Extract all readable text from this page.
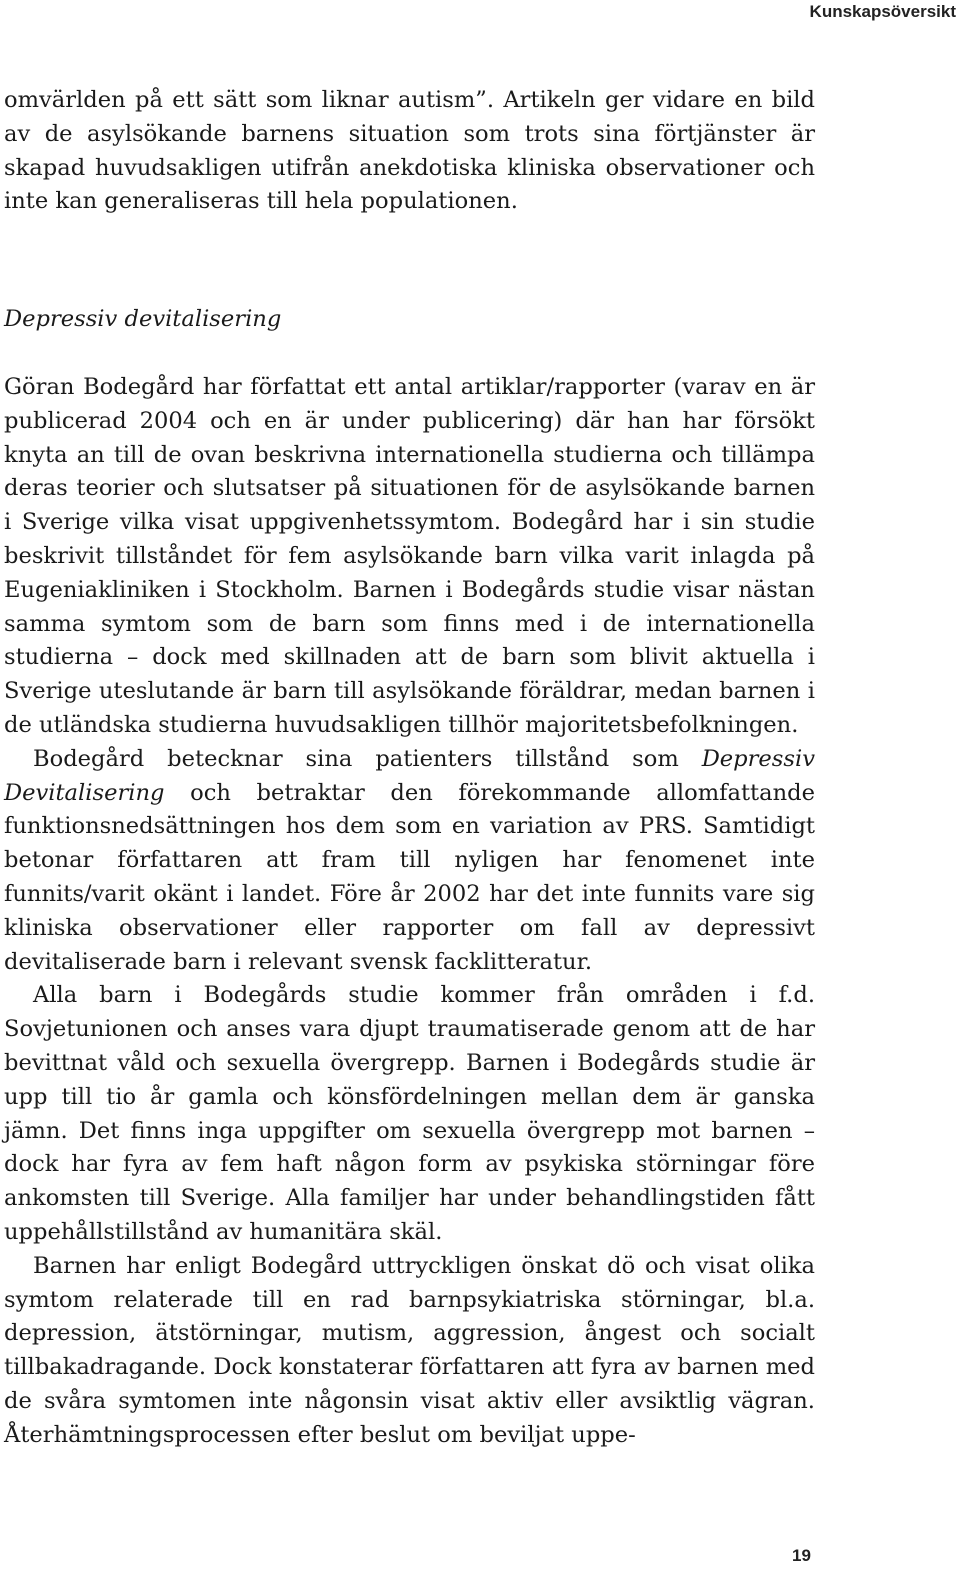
Kunskapsöversikt

omvärlden på ett sätt som liknar autism”. Artikeln ger vidare en bild av de asylsökande barnens situation som trots sina förtjänster är skapad huvudsakligen utifrån anekdotiska kliniska observationer och inte kan generaliseras till hela populationen.

Depressiv devitalisering

Göran Bodegård har författat ett antal artiklar/rapporter (varav en är publicerad 2004 och en är under publicering) där han har försökt knyta an till de ovan beskrivna internationella studierna och tillämpa deras teorier och slutsatser på situationen för de asylsökande barnen i Sverige vilka visat uppgivenhetssymtom. Bodegård har i sin studie beskrivit tillståndet för fem asylsökande barn vilka varit inlagda på Eugeniakliniken i Stockholm. Barnen i Bodegårds studie visar nästan samma symtom som de barn som finns med i de internationella studierna – dock med skillnaden att de barn som blivit aktuella i Sverige uteslutande är barn till asylsökande föräldrar, medan barnen i de utländska studierna huvudsakligen tillhör majoritetsbefolkningen.

Bodegård betecknar sina patienters tillstånd som Depressiv Devitalisering och betraktar den förekommande allomfattande funktionsnedsättningen hos dem som en variation av PRS. Samtidigt betonar författaren att fram till nyligen har fenomenet inte funnits/varit okänt i landet. Före år 2002 har det inte funnits vare sig kliniska observationer eller rapporter om fall av depressivt devitaliserade barn i relevant svensk facklitteratur.

Alla barn i Bodegårds studie kommer från områden i f.d. Sovjetunionen och anses vara djupt traumatiserade genom att de har bevittnat våld och sexuella övergrepp. Barnen i Bodegårds studie är upp till tio år gamla och könsfördelningen mellan dem är ganska jämn. Det finns inga uppgifter om sexuella övergrepp mot barnen – dock har fyra av fem haft någon form av psykiska störningar före ankomsten till Sverige. Alla familjer har under behandlingstiden fått uppehållstillstånd av humanitära skäl.

Barnen har enligt Bodegård uttryckligen önskat dö och visat olika symtom relaterade till en rad barnpsykiatriska störningar, bl.a. depression, ätstörningar, mutism, aggression, ångest och socialt tillbakadragande. Dock konstaterar författaren att fyra av barnen med de svåra symtomen inte någonsin visat aktiv eller avsiktlig vägran. Återhämtningsprocessen efter beslut om beviljat uppe-

19
